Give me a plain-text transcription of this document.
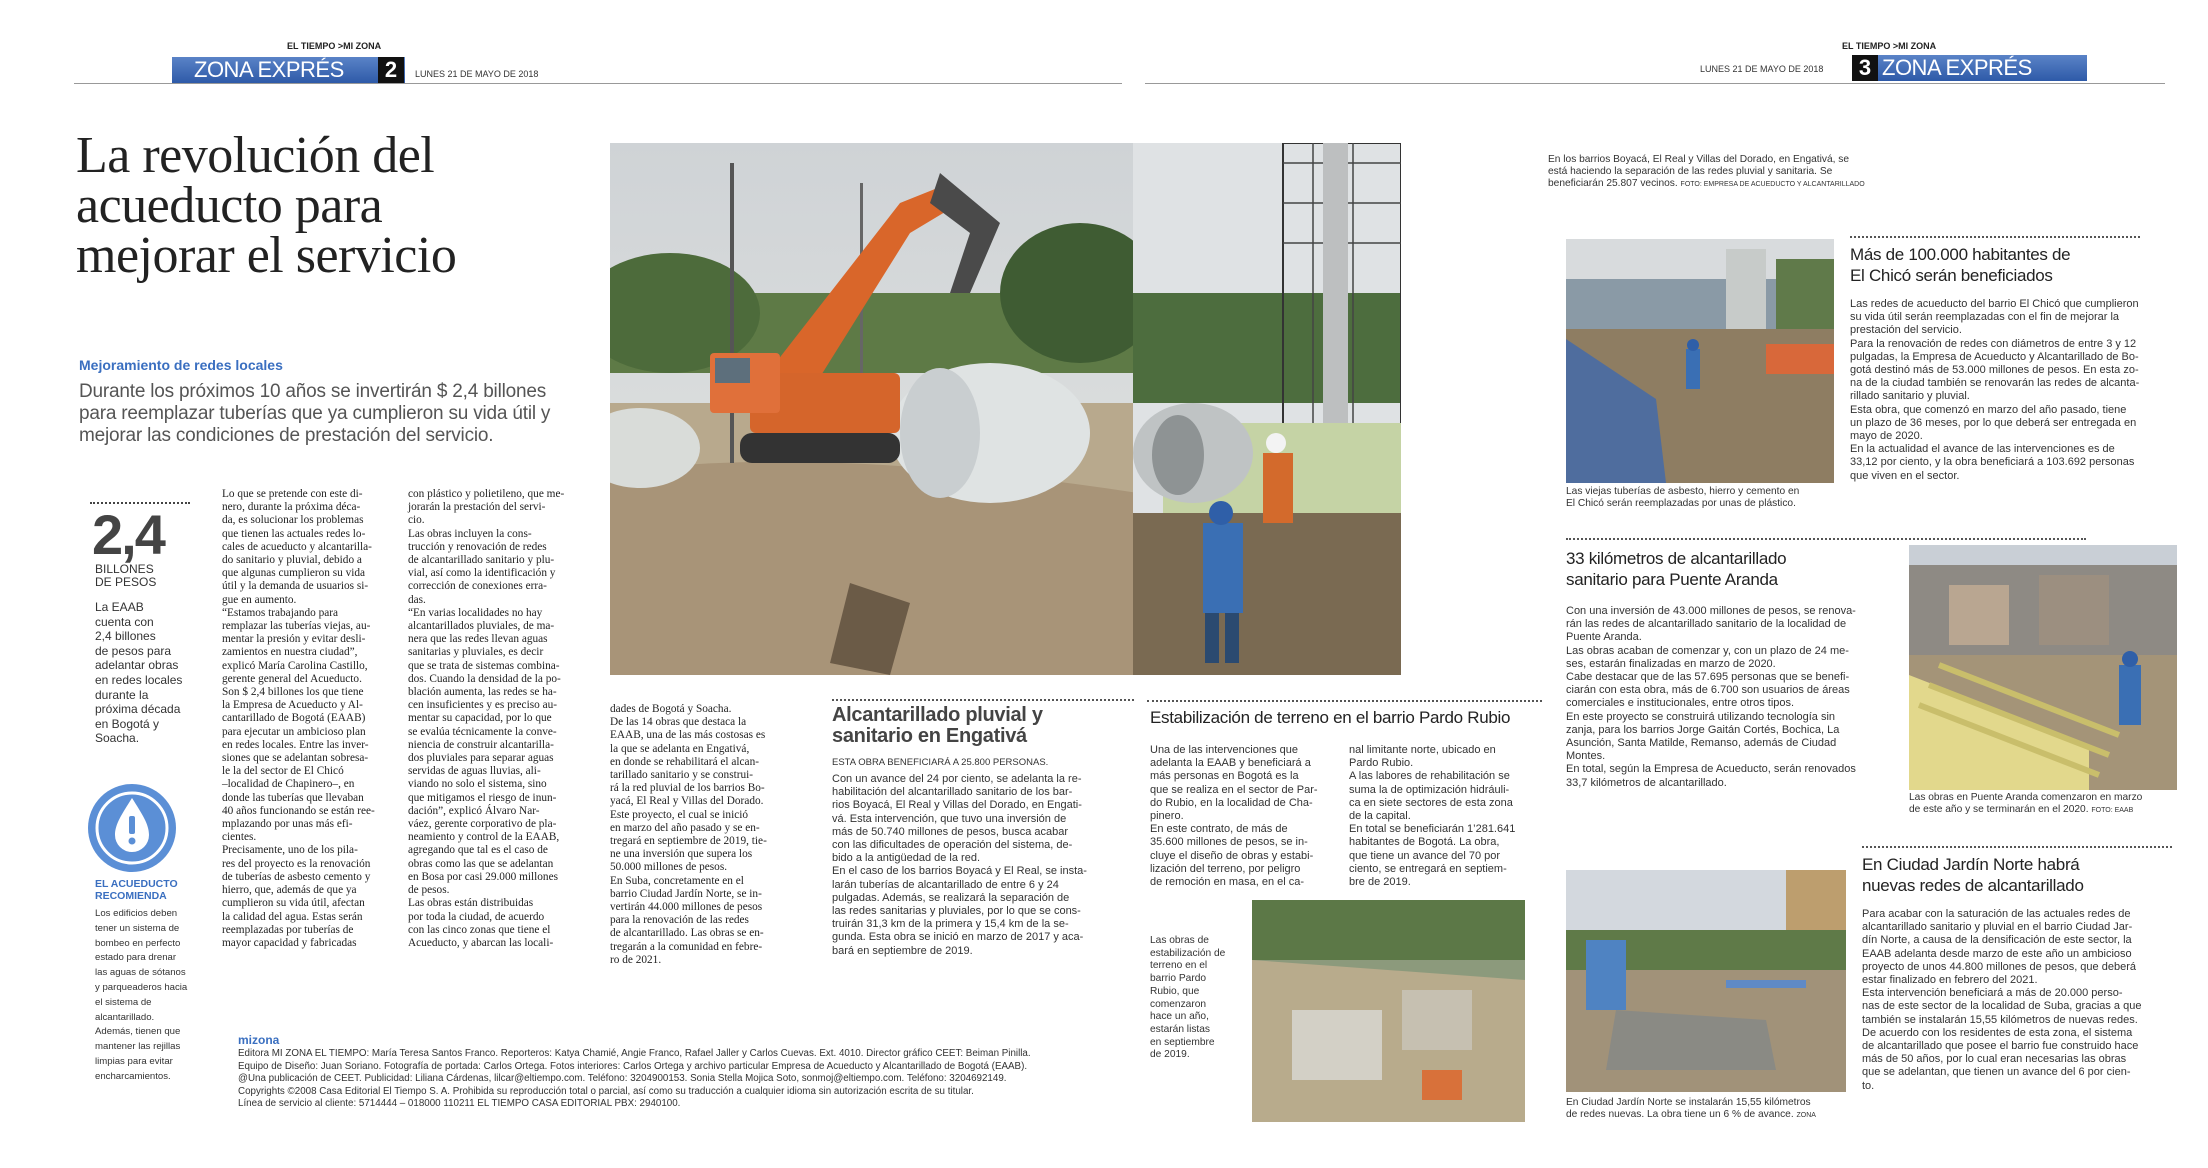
EL TIEMPO >MI ZONA
ZONA EXPRÉS	2	LUNES 21 DE MAYO DE 2018
EL TIEMPO >MI ZONA
LUNES 21 DE MAYO DE 2018	ZONA EXPRÉS
3
La revolución del
acueducto para
mejorar el servicio
Mejoramiento de redes locales
Durante los próximos 10 años se invertirán $ 2,4 billones
para reemplazar tuberías que ya cumplieron su vida útil y
mejorar las condiciones de prestación del servicio.
2,4
BILLONES
DE PESOS
La EAAB
cuenta con
2,4 billones
de pesos para
adelantar obras
en redes locales
durante la
próxima década
en Bogotá y
Soacha.
EL ACUEDUCTO
RECOMIENDA
Los edificios deben
tener un sistema de
bombeo en perfecto
estado para drenar
las aguas de sótanos
y parqueaderos hacia
el sistema de
alcantarillado.
Además, tienen que
mantener las rejillas
limpias para evitar
encharcamientos.
Lo que se pretende con este di-
nero, durante la próxima déca-
da, es solucionar los problemas
que tienen las actuales redes lo-
cales de acueducto y alcantarilla-
do sanitario y pluvial, debido a
que algunas cumplieron su vida
útil y la demanda de usuarios si-
gue en aumento.
“Estamos trabajando para
remplazar las tuberías viejas, au-
mentar la presión y evitar desli-
zamientos en nuestra ciudad”,
explicó María Carolina Castillo,
gerente general del Acueducto.
Son $ 2,4 billones los que tiene
la Empresa de Acueducto y Al-
cantarillado de Bogotá (EAAB)
para ejecutar un ambicioso plan
en redes locales. Entre las inver-
siones que se adelantan sobresa-
le la del sector de El Chicó
–localidad de Chapinero–, en
donde las tuberías que llevaban
40 años funcionando se están ree-
mplazando por unas más efi-
cientes.
Precisamente, uno de los pila-
res del proyecto es la renovación
de tuberías de asbesto cemento y
hierro, que, además de que ya
cumplieron su vida útil, afectan
la calidad del agua. Estas serán
reemplazadas por tuberías de
mayor capacidad y fabricadas
con plástico y polietileno, que me-
jorarán la prestación del servi-
cio.
Las obras incluyen la cons-
trucción y renovación de redes
de alcantarillado sanitario y plu-
vial, así como la identificación y
corrección de conexiones erra-
das.
“En varias localidades no hay
alcantarillados pluviales, de ma-
nera que las redes llevan aguas
sanitarias y pluviales, es decir
que se trata de sistemas combina-
dos. Cuando la densidad de la po-
blación aumenta, las redes se ha-
cen insuficientes y es preciso au-
mentar su capacidad, por lo que
se evalúa técnicamente la conve-
niencia de construir alcantarilla-
dos pluviales para separar aguas
servidas de aguas lluvias, ali-
viando no solo el sistema, sino
que mitigamos el riesgo de inun-
dación”, explicó Álvaro Nar-
váez, gerente corporativo de pla-
neamiento y control de la EAAB,
agregando que tal es el caso de
obras como las que se adelantan
en Bosa por casi 29.000 millones
de pesos.
Las obras están distribuidas
por toda la ciudad, de acuerdo
con las cinco zonas que tiene el
Acueducto, y abarcan las locali-
dades de Bogotá y Soacha.
De las 14 obras que destaca la
EAAB, una de las más costosas es
la que se adelanta en Engativá,
en donde se rehabilitará el alcan-
tarillado sanitario y se construi-
rá la red pluvial de los barrios Bo-
yacá, El Real y Villas del Dorado.
Este proyecto, el cual se inició
en marzo del año pasado y se en-
tregará en septiembre de 2019, tie-
ne una inversión que supera los
50.000 millones de pesos.
En Suba, concretamente en el
barrio Ciudad Jardín Norte, se in-
vertirán 44.000 millones de pesos
para la renovación de las redes
de alcantarillado. Las obras se en-
tregarán a la comunidad en febre-
ro de 2021.
Alcantarillado pluvial y
sanitario en Engativá
ESTA OBRA BENEFICIARÁ A 25.800 PERSONAS.
Con un avance del 24 por ciento, se adelanta la re-
habilitación del alcantarillado sanitario de los bar-
rios Boyacá, El Real y Villas del Dorado, en Engati-
vá. Esta intervención, que tuvo una inversión de
más de 50.740 millones de pesos, busca acabar
con las dificultades de operación del sistema, de-
bido a la antigüedad de la red.
En el caso de los barrios Boyacá y El Real, se insta-
larán tuberías de alcantarillado de entre 6 y 24
pulgadas. Además, se realizará la separación de
las redes sanitarias y pluviales, por lo que se cons-
truirán 31,3 km de la primera y 15,4 km de la se-
gunda. Esta obra se inició en marzo de 2017 y aca-
bará en septiembre de 2019.
mizona
Editora MI ZONA EL TIEMPO: María Teresa Santos Franco. Reporteros: Katya Chamié, Angie Franco, Rafael Jaller y Carlos Cuevas. Ext. 4010. Director gráfico CEET: Beiman Pinilla.
Equipo de Diseño: Juan Soriano. Fotografía de portada: Carlos Ortega. Fotos interiores: Carlos Ortega y archivo particular Empresa de Acueducto y Alcantarillado de Bogotá (EAAB).
@Una publicación de CEET. Publicidad: Liliana Cárdenas, lilcar@eltiempo.com. Teléfono: 3204900153. Sonia Stella Mojica Soto, sonmoj@eltiempo.com. Teléfono: 3204692149.
Copyrights ©2008 Casa Editorial El Tiempo S. A. Prohibida su reproducción total o parcial, así como su traducción a cualquier idioma sin autorización escrita de su titular.
Línea de servicio al cliente: 5714444 – 018000 110211 EL TIEMPO CASA EDITORIAL PBX: 2940100.
En los barrios Boyacá, El Real y Villas del Dorado, en Engativá, se
está haciendo la separación de las redes pluvial y sanitaria. Se
beneficiarán 25.807 vecinos. FOTO: EMPRESA DE ACUEDUCTO Y ALCANTARILLADO
Las viejas tuberías de asbesto, hierro y cemento en
El Chicó serán reemplazadas por unas de plástico.
Más de 100.000 habitantes de
El Chicó serán beneficiados
Las redes de acueducto del barrio El Chicó que cumplieron
su vida útil serán reemplazadas con el fin de mejorar la
prestación del servicio.
Para la renovación de redes con diámetros de entre 3 y 12
pulgadas, la Empresa de Acueducto y Alcantarillado de Bo-
gotá destinó más de 53.000 millones de pesos. En esta zo-
na de la ciudad también se renovarán las redes de alcanta-
rillado sanitario y pluvial.
Esta obra, que comenzó en marzo del año pasado, tiene
un plazo de 36 meses, por lo que deberá ser entregada en
mayo de 2020.
En la actualidad el avance de las intervenciones es de
33,12 por ciento, y la obra beneficiará a 103.692 personas
que viven en el sector.
33 kilómetros de alcantarillado
sanitario para Puente Aranda
Con una inversión de 43.000 millones de pesos, se renova-
rán las redes de alcantarillado sanitario de la localidad de
Puente Aranda.
Las obras acaban de comenzar y, con un plazo de 24 me-
ses, estarán finalizadas en marzo de 2020.
Cabe destacar que de las 57.695 personas que se benefi-
ciarán con esta obra, más de 6.700 son usuarios de áreas
comerciales e institucionales, entre otros tipos.
En este proyecto se construirá utilizando tecnología sin
zanja, para los barrios Jorge Gaitán Cortés, Bochica, La
Asunción, Santa Matilde, Remanso, además de Ciudad
Montes.
En total, según la Empresa de Acueducto, serán renovados
33,7 kilómetros de alcantarillado.
Las obras en Puente Aranda comenzaron en marzo
de este año y se terminarán en el 2020. FOTO: EAAB
Estabilización de terreno en el barrio Pardo Rubio
Una de las intervenciones que
adelanta la EAAB y beneficiará a
más personas en Bogotá es la
que se realiza en el sector de Par-
do Rubio, en la localidad de Cha-
pinero.
En este contrato, de más de
35.600 millones de pesos, se in-
cluye el diseño de obras y estabi-
lización del terreno, por peligro
de remoción en masa, en el ca-
nal limitante norte, ubicado en
Pardo Rubio.
A las labores de rehabilitación se
suma la de optimización hidráuli-
ca en siete sectores de esta zona
de la capital.
En total se beneficiarán 1’281.641
habitantes de Bogotá. La obra,
que tiene un avance del 70 por
ciento, se entregará en septiem-
bre de 2019.
Las obras de
estabilización de
terreno en el
barrio Pardo
Rubio, que
comenzaron
hace un año,
estarán listas
en septiembre
de 2019.
En Ciudad Jardín Norte se instalarán 15,55 kilómetros
de redes nuevas. La obra tiene un 6 % de avance. ZONA
En Ciudad Jardín Norte habrá
nuevas redes de alcantarillado
Para acabar con la saturación de las actuales redes de
alcantarillado sanitario y pluvial en el barrio Ciudad Jar-
dín Norte, a causa de la densificación de este sector, la
EAAB adelanta desde marzo de este año un ambicioso
proyecto de unos 44.800 millones de pesos, que deberá
estar finalizado en febrero del 2021.
Esta intervención beneficiará a más de 20.000 perso-
nas de este sector de la localidad de Suba, gracias a que
también se instalarán 15,55 kilómetros de nuevas redes.
De acuerdo con los residentes de esta zona, el sistema
de alcantarillado que posee el barrio fue construido hace
más de 50 años, por lo cual eran necesarias las obras
que se adelantan, que tienen un avance del 6 por cien-
to.
